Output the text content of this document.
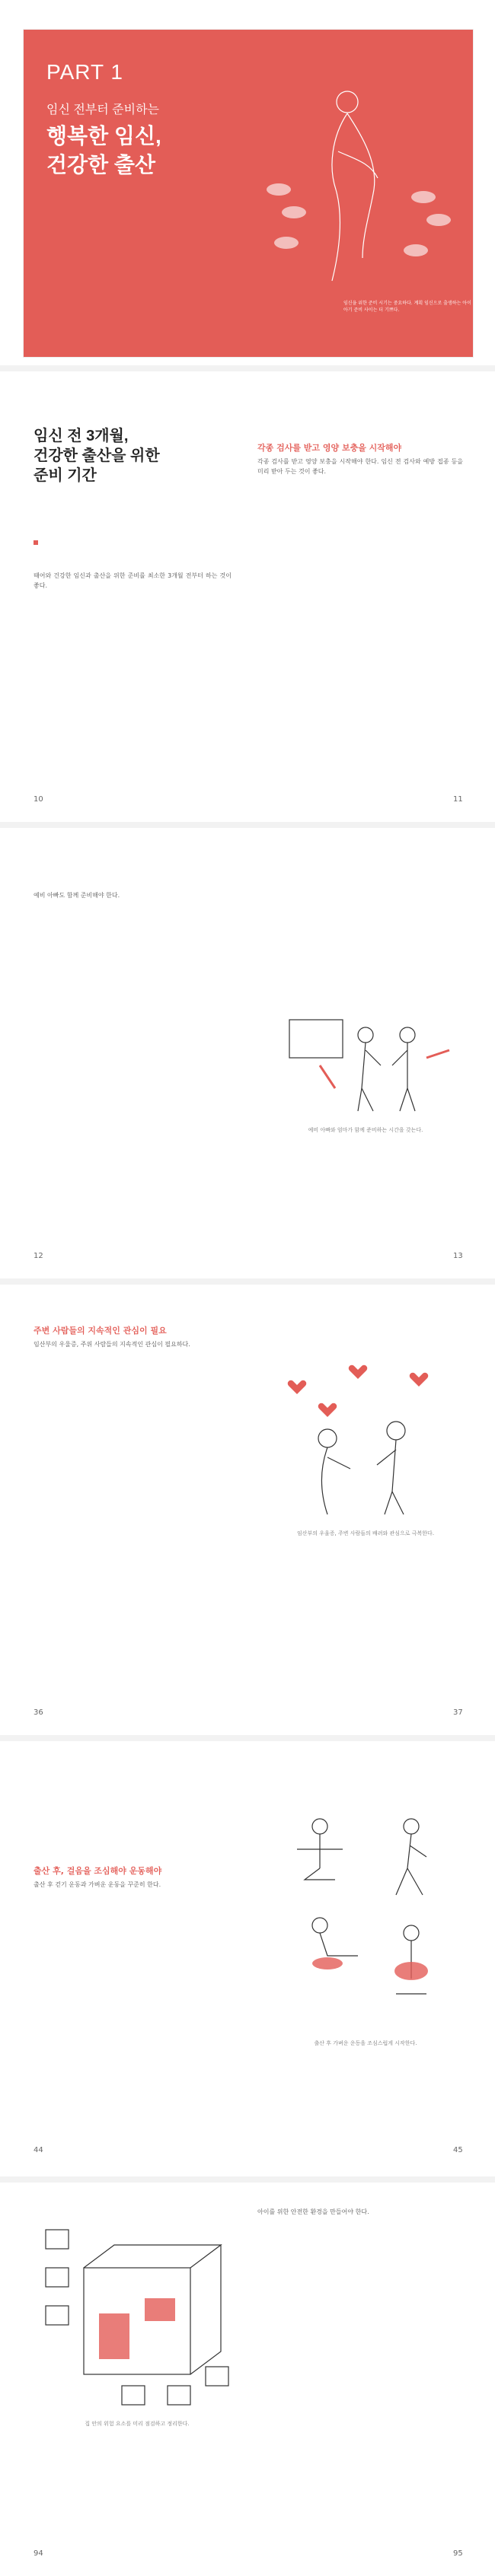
PART 1
임신 전부터 준비하는
행복한 임신,
건강한 출산
임신을 위한 준비 시기는 중요하다. 계획 임신으로 출생하는 아이 아기 준비 사이는 더 기쁘다.
임신 전 3개월,
건강한 출산을 위한
준비 기간
때어와 건강한 임신과 출산을 위한 준비를 최소한 3개월 전부터 하는 것이 좋다.
각종 검사를 받고 영양 보충을 시작해야
각종 검사를 받고 영양 보충을 시작해야 한다. 임신 전 검사와 예방 접종 등을 미리 받아 두는 것이 좋다.
10	11
예비 아빠도 함께 준비해야 한다.
예비 아빠와 엄마가 함께 준비하는 시간을 갖는다.
12	13
주변 사람들의 지속적인 관심이 필요
임산부의 우울증, 주위 사람들의 지속적인 관심이 필요하다.
임산부의 우울증, 주변 사람들의 배려와 관심으로 극복한다.
36	37
출산 후, 걸음을 조심해야 운동해야
출산 후 걷기 운동과 가벼운 운동을 꾸준히 한다.
출산 후 가벼운 운동을 조심스럽게 시작한다.
44	45
집 안의 위험 요소를 미리 점검하고 정리한다.
아이를 위한 안전한 환경을 만들어야 한다.
94	95
